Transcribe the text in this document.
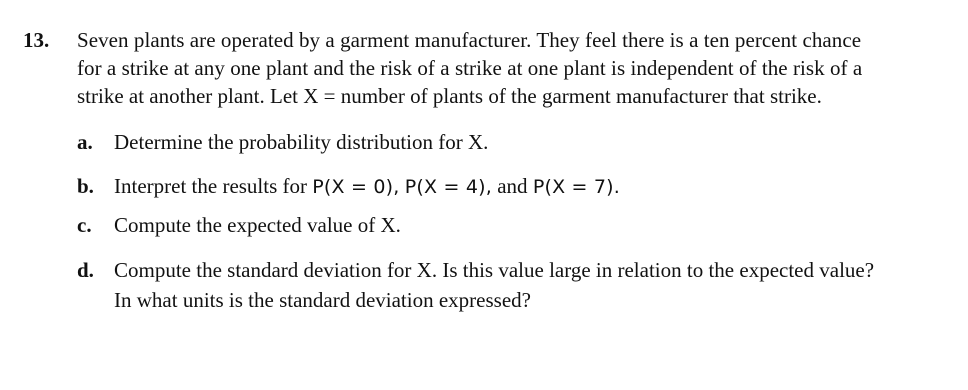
13. Seven plants are operated by a garment manufacturer. They feel there is a ten percent chance
for a strike at any one plant and the risk of a strike at one plant is independent of the risk of a
strike at another plant. Let X = number of plants of the garment manufacturer that strike.
a.	Determine the probability distribution for X.
b. Interpret the results for P(X = 0), P(X = 4), and P(X = 7).
c.	Compute the expected value of X.
d. Compute the standard deviation for X. Is this value large in relation to the expected value?
In what units is the standard deviation expressed?
